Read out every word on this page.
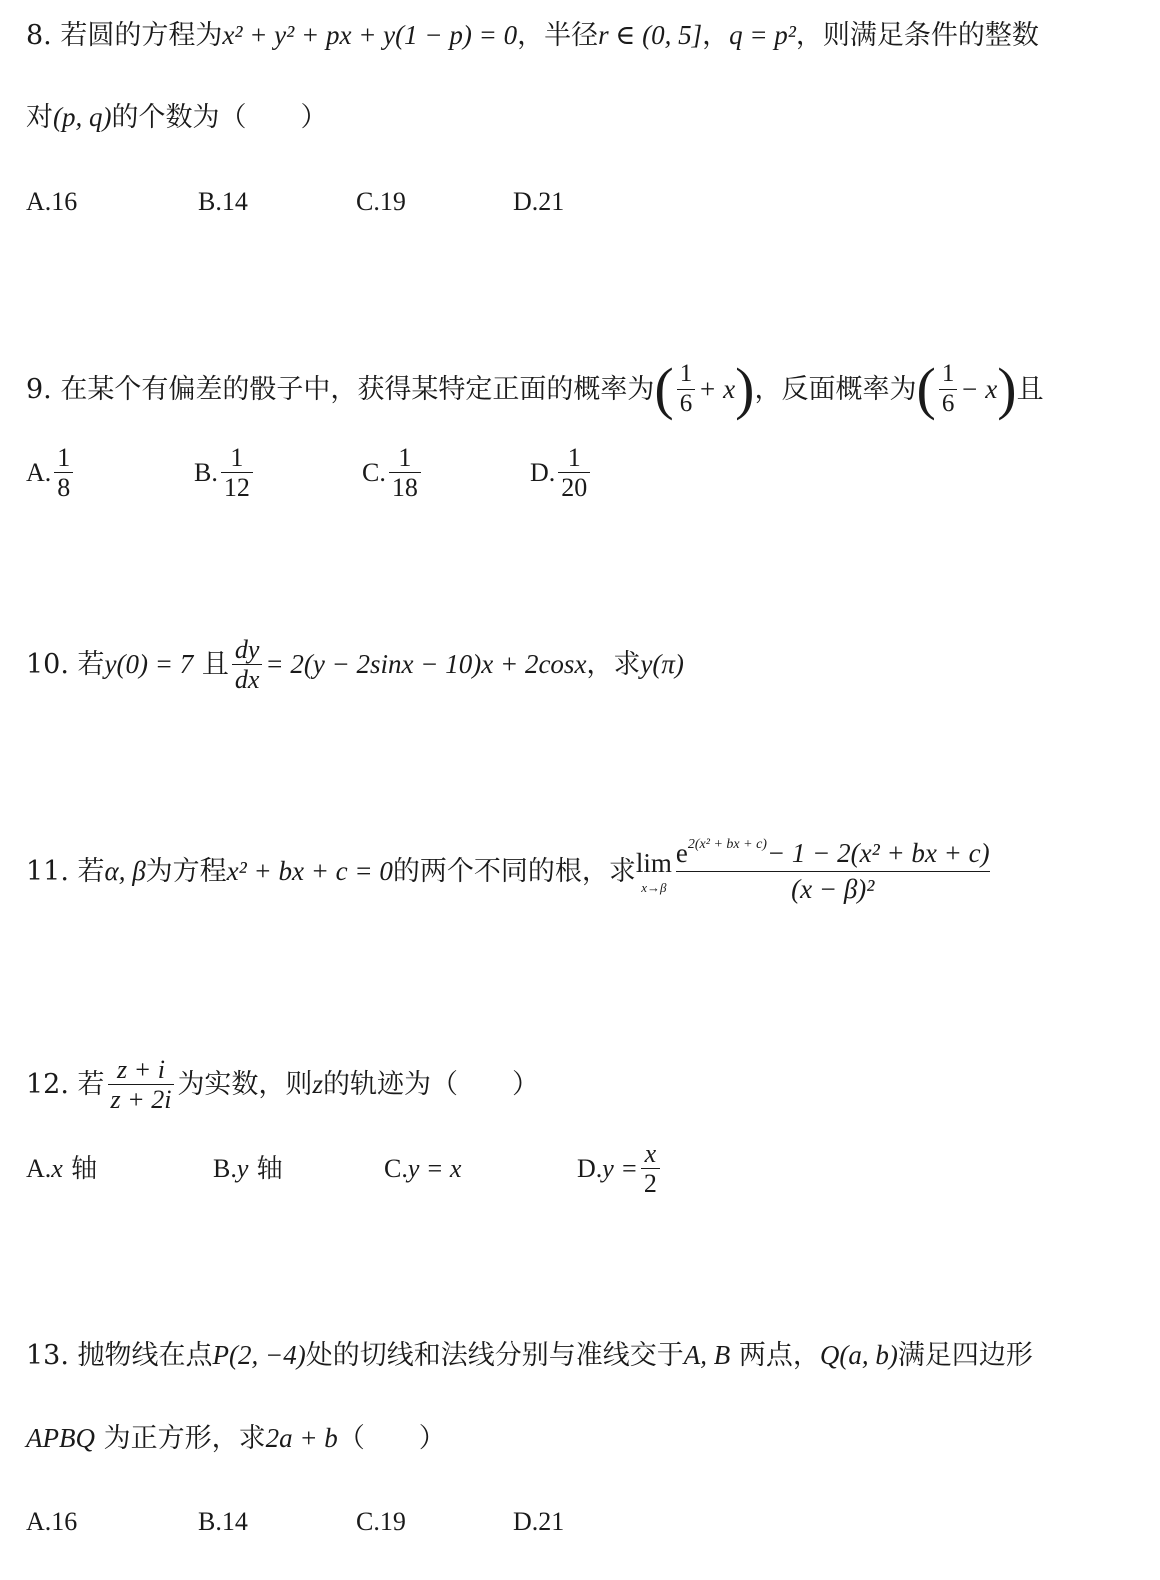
8. 若圆的方程为x² + y² + px + y(1 − p) = 0，半径r ∈ (0, 5]，q = p²，则满足条件的整数
对(p, q)的个数为（　　）
A.16	B.14	C.19	D.21
9.
在某个有偏差的骰子中，获得某特定正面的概率为 ( $\frac{1}{6} + x$ ) ，反面概率为 ( $\frac{1}{6} - x$ ) 且
A. $\frac{1}{8}$	B. $\frac{1}{12}$	C. $\frac{1}{18}$	D. $\frac{1}{20}$
10.
若 y(0) = 7
且 $\frac{dy}{dx} = 2(y - 2\sin x - 10)x + 2\cos x$ ，求 y(π)
11.
若 α, β 为方程 x² + bx + c = 0 的两个不同的根，求 lim
$x\to\beta \frac{e^{2(x^2 + bx + c)}- 1 - 2(x^2 + bx + c)}{\text{(x − β)²}}$
12.
若 $\frac{z + i}{z + 2i}$ 为实数，则 z 的轨迹为（　　）
A.x 轴	B.y 轴	C.y = x	D. $y = \frac{x}{2}$
13. 抛物线在点P(2, −4)处的切线和法线分别与准线交于A, B 两点，Q(a, b)满足四边形
APBQ 为正方形，求2a + b（　　）
A.16	B.14	C.19	D.21
